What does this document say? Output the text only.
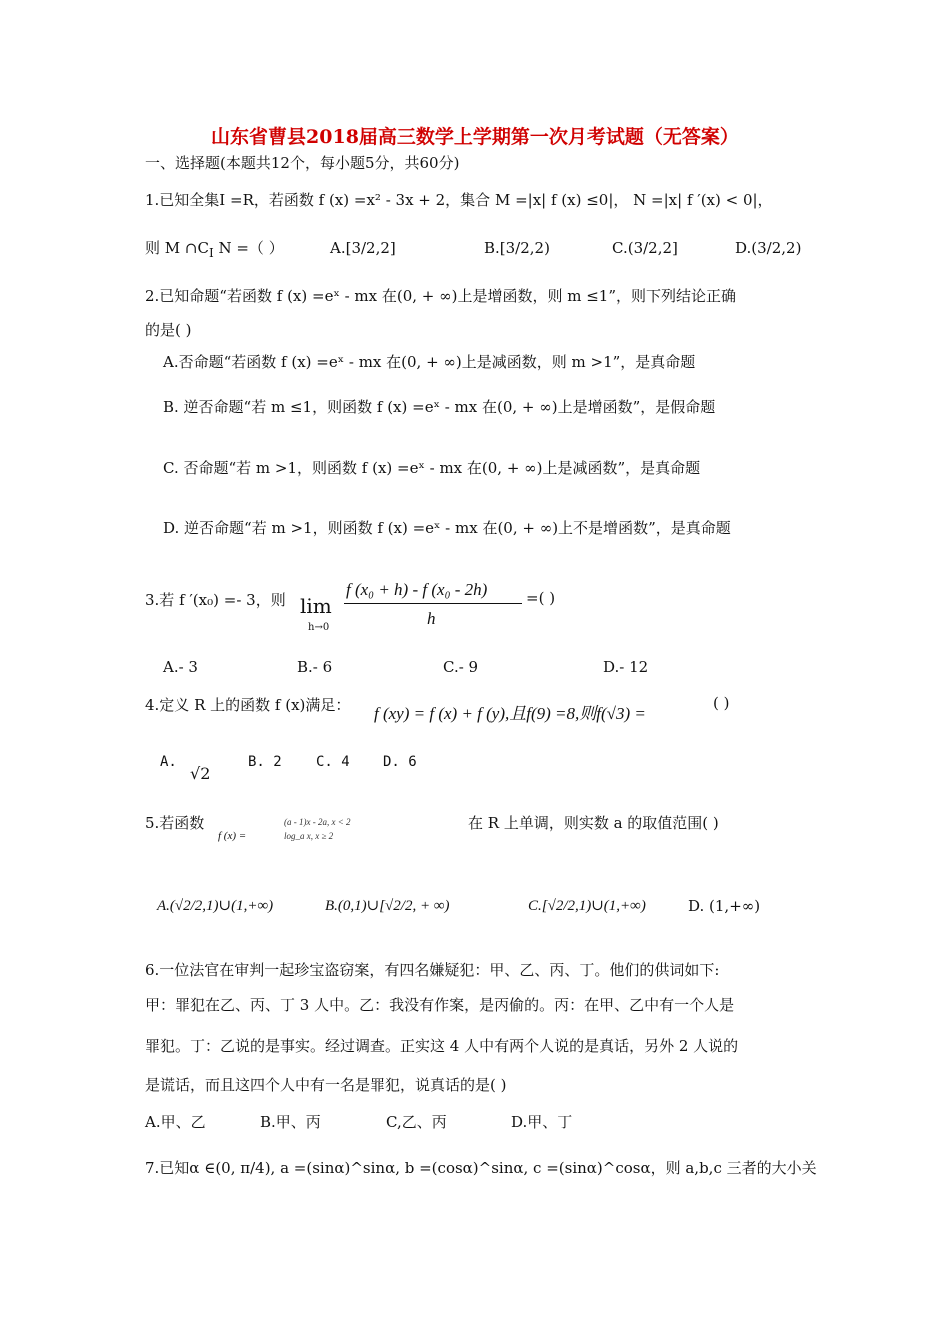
山东省曹县2018届高三数学上学期第一次月考试题（无答案）
一、选择题(本题共12个，每小题5分，共60分)
1.已知全集I =R，若函数 f (x) =x² - 3x + 2，集合 M =|x| f (x) ≤0|， N =|x| f ′(x) < 0|，
则 M $\cap C_I$ N =（ ）	A.[3/2,2]	B.[3/2,2)	C.(3/2,2]	D.(3/2,2)
2.已知命题“若函数 f (x) =eˣ - mx 在(0, + ∞)上是增函数，则 m ≤1”，则下列结论正确
的是( )
A.否命题“若函数 f (x) =eˣ - mx 在(0, + ∞)上是减函数，则 m >1”，是真命题
B. 逆否命题“若 m ≤1，则函数 f (x) =eˣ - mx 在(0, + ∞)上是增函数”，是假命题
C. 否命题“若 m >1，则函数 f (x) =eˣ - mx 在(0, + ∞)上是减函数”，是真命题
D. 逆否命题“若 m >1，则函数 f (x) =eˣ - mx 在(0, + ∞)上不是增函数”，是真命题
3.若 f ′(x₀) =- 3，则 lim
h→0
f (x₀ + h) - f (x₀ - 2h)
h
=( )
A.- 3	B.- 6	C.- 9	D.- 12
4.定义 R 上的函数 f (x)满足： f (xy) = f (x) + f (y),且f(9) =8,则f(√3) =
( )
A.
√2
B. 2 C. 4 D. 6
5.若函数
f (x) =
(a - 1)x - 2a, x < 2
log_a x, x ≥ 2
在 R 上单调，则实数 a 的取值范围( )
A.(√2/2,1)∪(1,+∞)	B.(0,1)∪[√2/2, + ∞)	C.[√2/2,1)∪(1,+∞)	D. (1,+∞)
6.一位法官在审判一起珍宝盗窃案，有四名嫌疑犯：甲、乙、丙、丁。他们的供词如下:
甲：罪犯在乙、丙、丁 3 人中。乙：我没有作案，是丙偷的。丙：在甲、乙中有一个人是
罪犯。丁：乙说的是事实。经过调查。正实这 4 人中有两个人说的是真话，另外 2 人说的
是谎话，而且这四个人中有一名是罪犯，说真话的是( )
A.甲、乙	B.甲、丙	C,乙、丙	D.甲、丁
7.已知α ∈(0, π/4), a =(sinα)^sinα, b =(cosα)^sinα, c =(sinα)^cosα，则 a,b,c 三者的大小关
